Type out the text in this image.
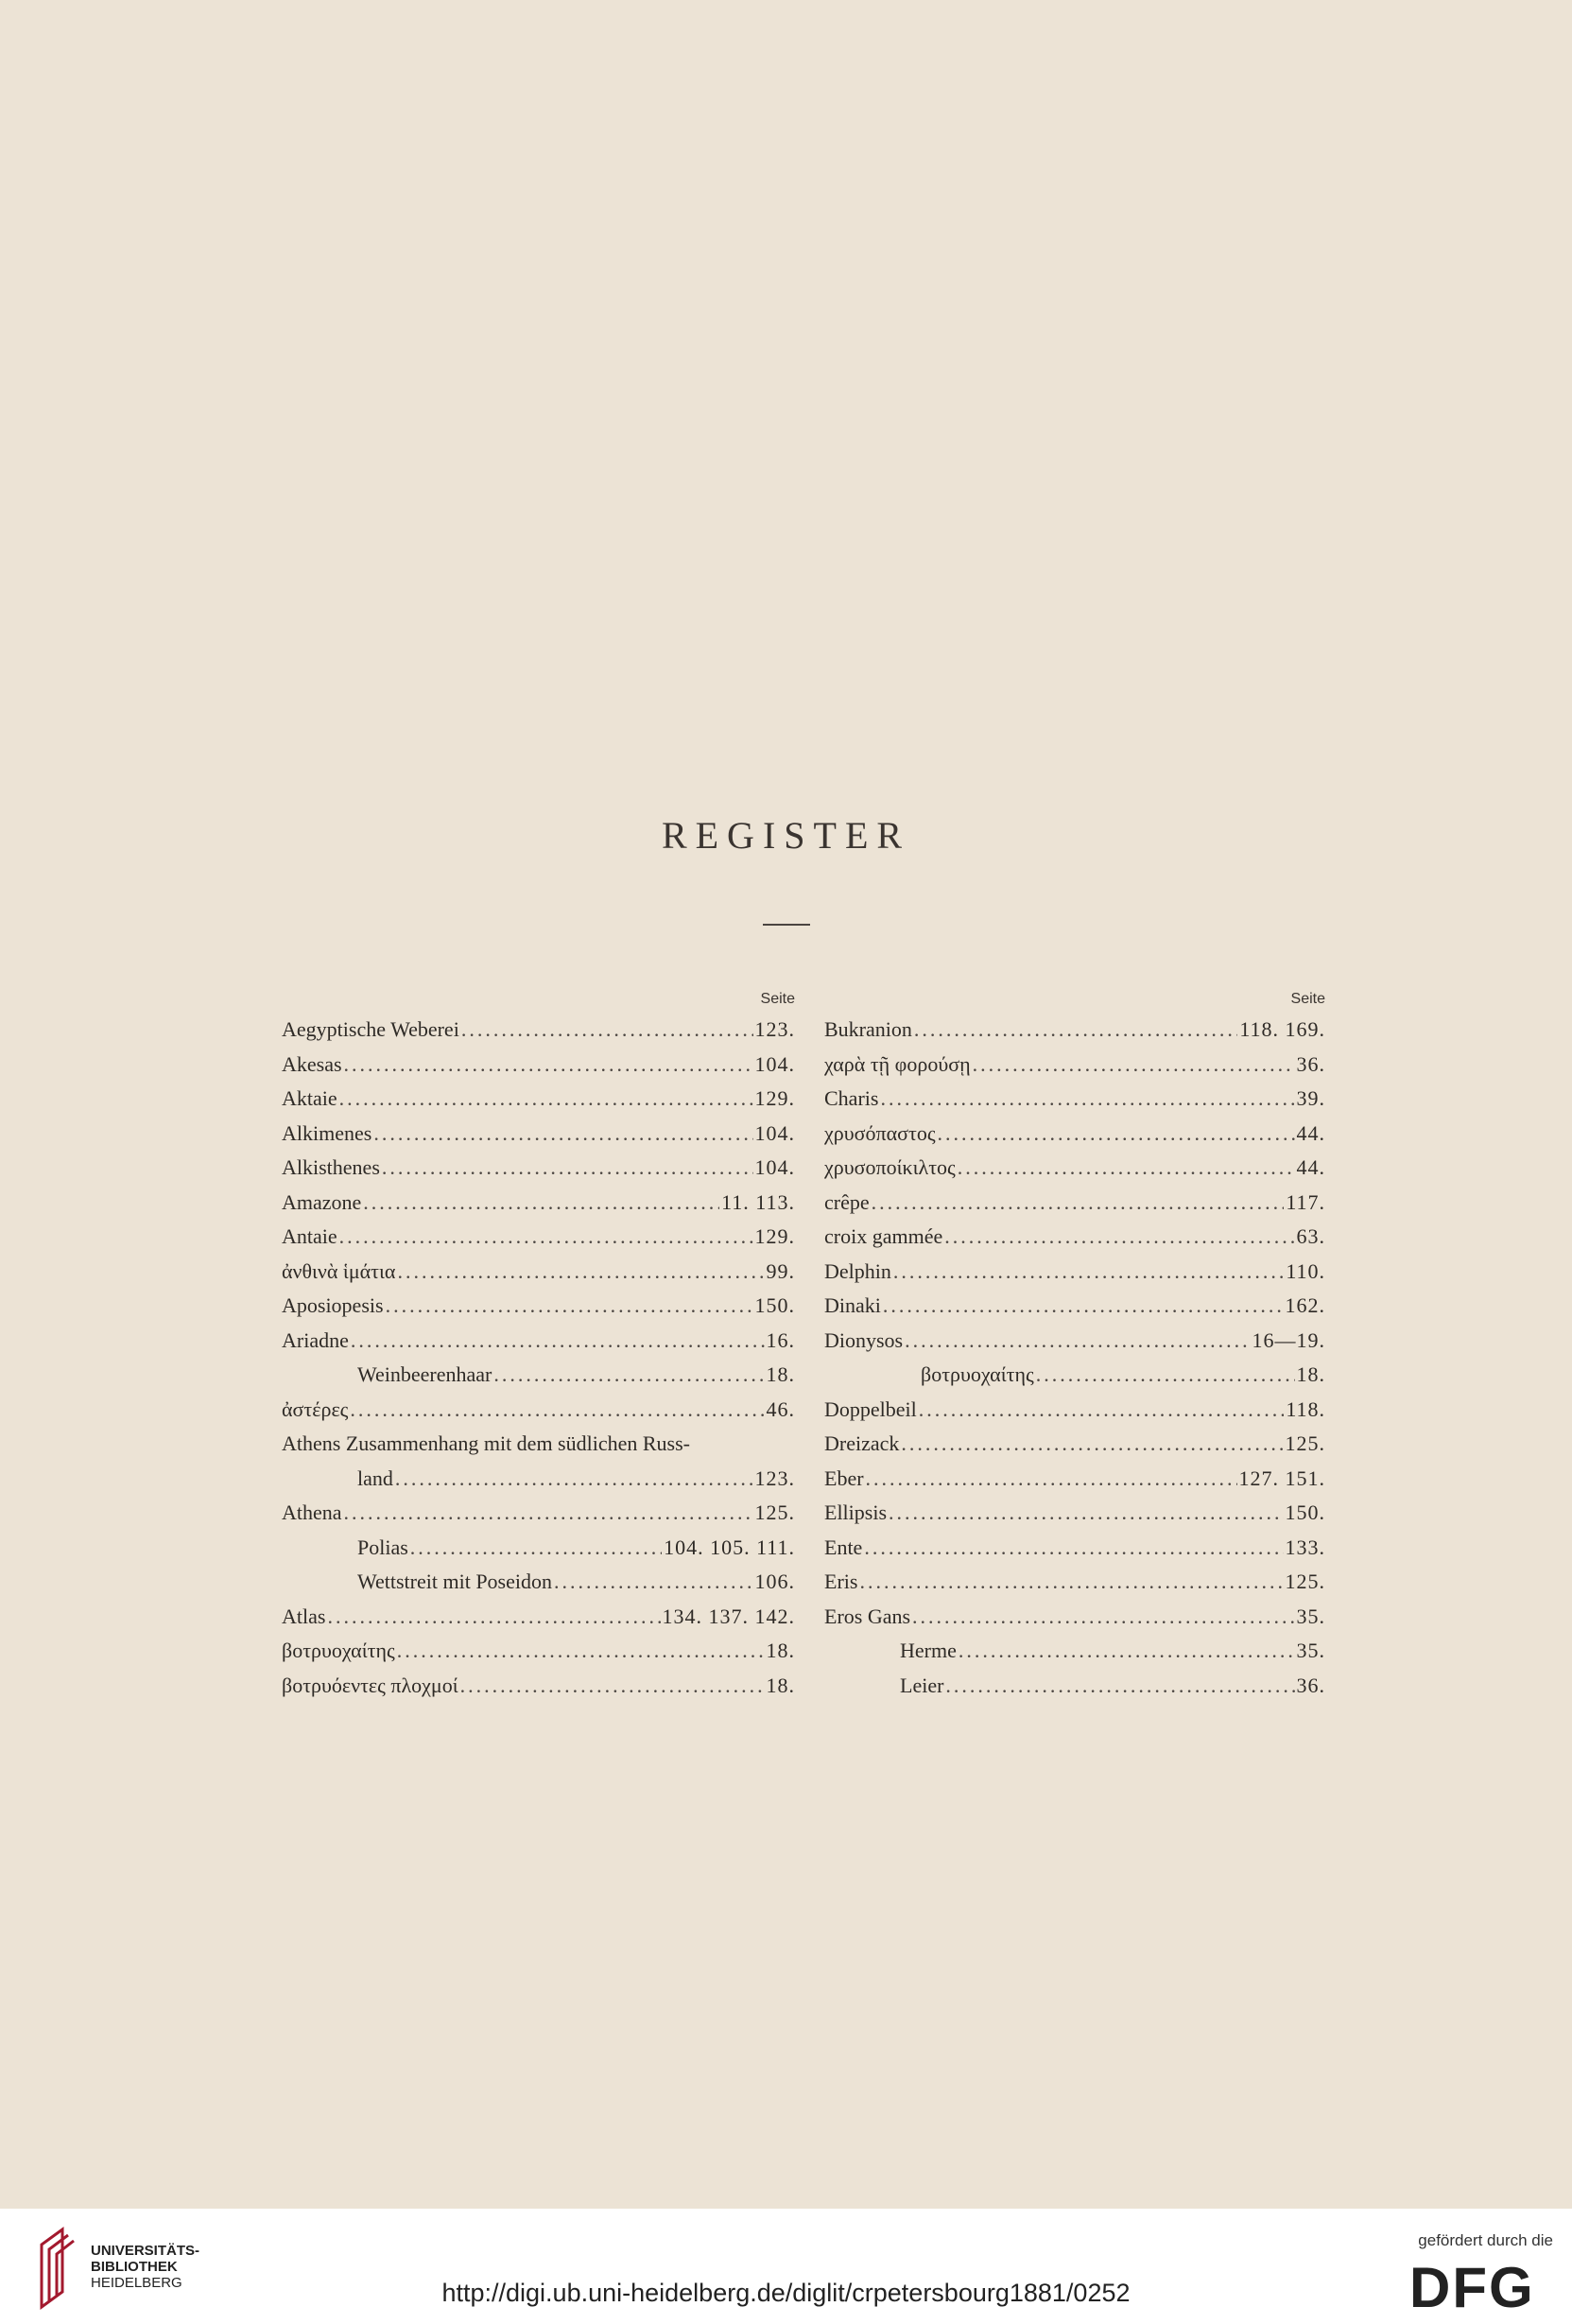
REGISTER
Seite
Aegyptische Weberei .....	123.
Akesas .....	104.
Aktaie .....	129.
Alkimenes .....	104.
Alkisthenes .....	104.
Amazone .....	11. 113.
Antaie .....	129.
ἀνθινὰ ἱμάτια .....	99.
Aposiopesis .....	150.
Ariadne .....	16.
Weinbeerenhaar .....	18.
ἀστέρες .....	46.
Athens Zusammenhang mit dem südlichen Russ-
land .....	123.
Athena .....	125.
Polias .....	104. 105. 111.
Wettstreit mit Poseidon .....	106.
Atlas .....	134. 137. 142.
βοτρυοχαίτης .....	18.
βοτρυόεντες πλοχμοί .....	18.
Seite
Bukranion .....	118. 169.
χαρὰ τῇ φορούσῃ .....	36.
Charis .....	39.
χρυσόπαστος .....	44.
χρυσοποίκιλτος .....	44.
crêpe .....	117.
croix gammée .....	63.
Delphin .....	110.
Dinaki .....	162.
Dionysos .....	16—19.
βοτρυοχαίτης .....	18.
Doppelbeil .....	118.
Dreizack .....	125.
Eber .....	127. 151.
Ellipsis .....	150.
Ente .....	133.
Eris .....	125.
Eros Gans .....	35.
Herme .....	35.
Leier .....	36.
UNIVERSITÄTS-
BIBLIOTHEK
HEIDELBERG	http://digi.ub.uni-heidelberg.de/diglit/crpetersbourg1881/0252
gefördert durch die
DFG
